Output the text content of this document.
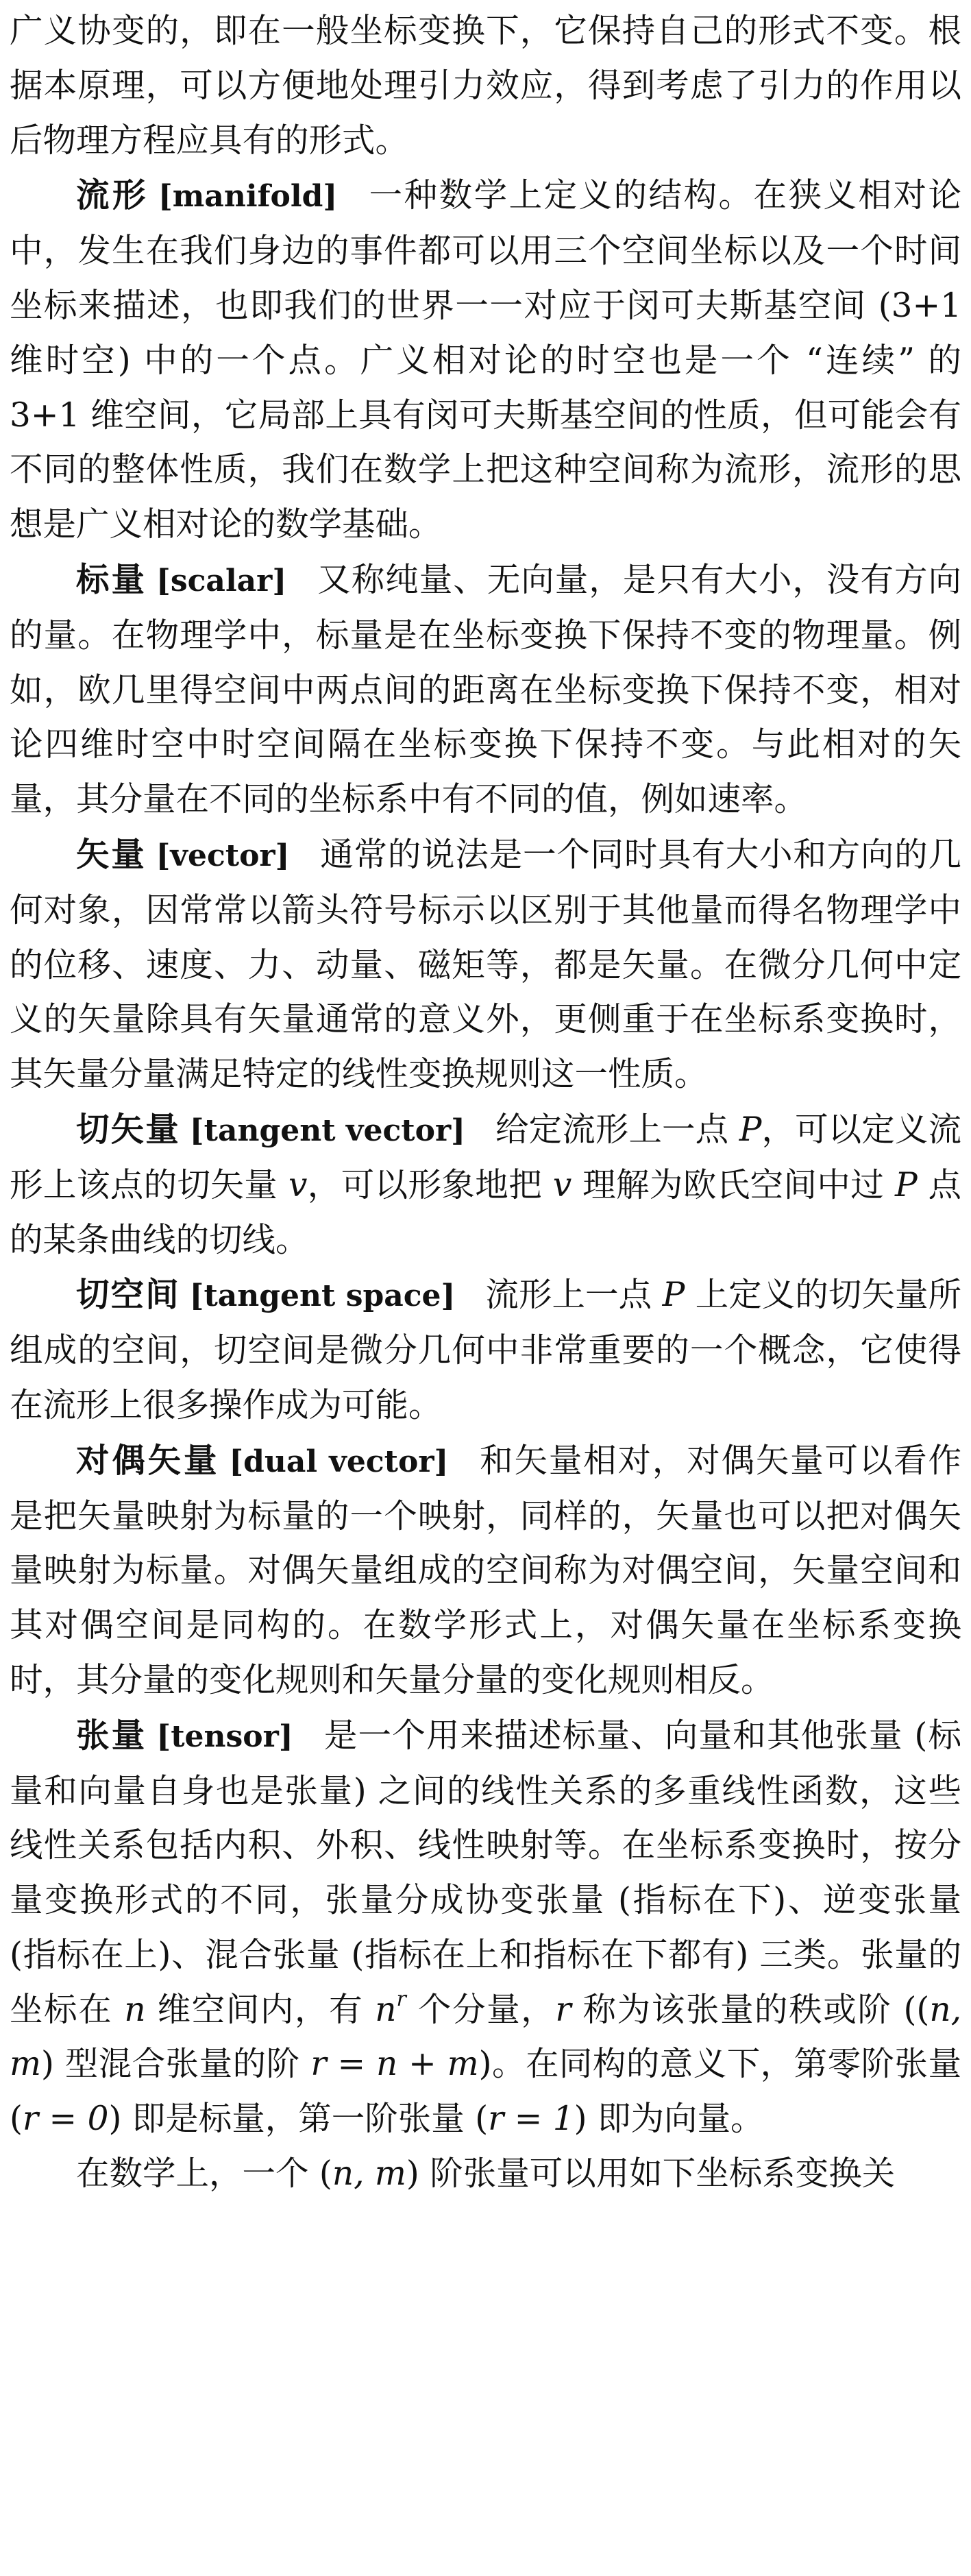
广义协变的，即在一般坐标变换下，它保持自己的形式不变。根据本原理，可以方便地处理引力效应，得到考虑了引力的作用以后物理方程应具有的形式。

流形 [manifold] 一种数学上定义的结构。在狭义相对论中，发生在我们身边的事件都可以用三个空间坐标以及一个时间坐标来描述，也即我们的世界一一对应于闵可夫斯基空间 (3+1 维时空) 中的一个点。广义相对论的时空也是一个 “连续” 的 3+1 维空间，它局部上具有闵可夫斯基空间的性质，但可能会有不同的整体性质，我们在数学上把这种空间称为流形，流形的思想是广义相对论的数学基础。

标量 [scalar] 又称纯量、无向量，是只有大小，没有方向的量。在物理学中，标量是在坐标变换下保持不变的物理量。例如，欧几里得空间中两点间的距离在坐标变换下保持不变，相对论四维时空中时空间隔在坐标变换下保持不变。与此相对的矢量，其分量在不同的坐标系中有不同的值，例如速率。

矢量 [vector] 通常的说法是一个同时具有大小和方向的几何对象，因常常以箭头符号标示以区别于其他量而得名物理学中的位移、速度、力、动量、磁矩等，都是矢量。在微分几何中定义的矢量除具有矢量通常的意义外，更侧重于在坐标系变换时，其矢量分量满足特定的线性变换规则这一性质。

切矢量 [tangent vector] 给定流形上一点 P，可以定义流形上该点的切矢量 v，可以形象地把 v 理解为欧氏空间中过 P 点的某条曲线的切线。

切空间 [tangent space] 流形上一点 P 上定义的切矢量所组成的空间，切空间是微分几何中非常重要的一个概念，它使得在流形上很多操作成为可能。

对偶矢量 [dual vector] 和矢量相对，对偶矢量可以看作是把矢量映射为标量的一个映射，同样的，矢量也可以把对偶矢量映射为标量。对偶矢量组成的空间称为对偶空间，矢量空间和其对偶空间是同构的。在数学形式上，对偶矢量在坐标系变换时，其分量的变化规则和矢量分量的变化规则相反。

张量 [tensor] 是一个用来描述标量、向量和其他张量 (标量和向量自身也是张量) 之间的线性关系的多重线性函数，这些线性关系包括内积、外积、线性映射等。在坐标系变换时，按分量变换形式的不同，张量分成协变张量 (指标在下)、逆变张量 (指标在上)、混合张量 (指标在上和指标在下都有) 三类。张量的坐标在 n 维空间内，有 $n^r$ 个分量，r 称为该张量的秩或阶 ((n, m) 型混合张量的阶 r = n + m)。在同构的意义下，第零阶张量 (r = 0) 即是标量，第一阶张量 (r = 1) 即为向量。

在数学上，一个 (n, m) 阶张量可以用如下坐标系变换关
